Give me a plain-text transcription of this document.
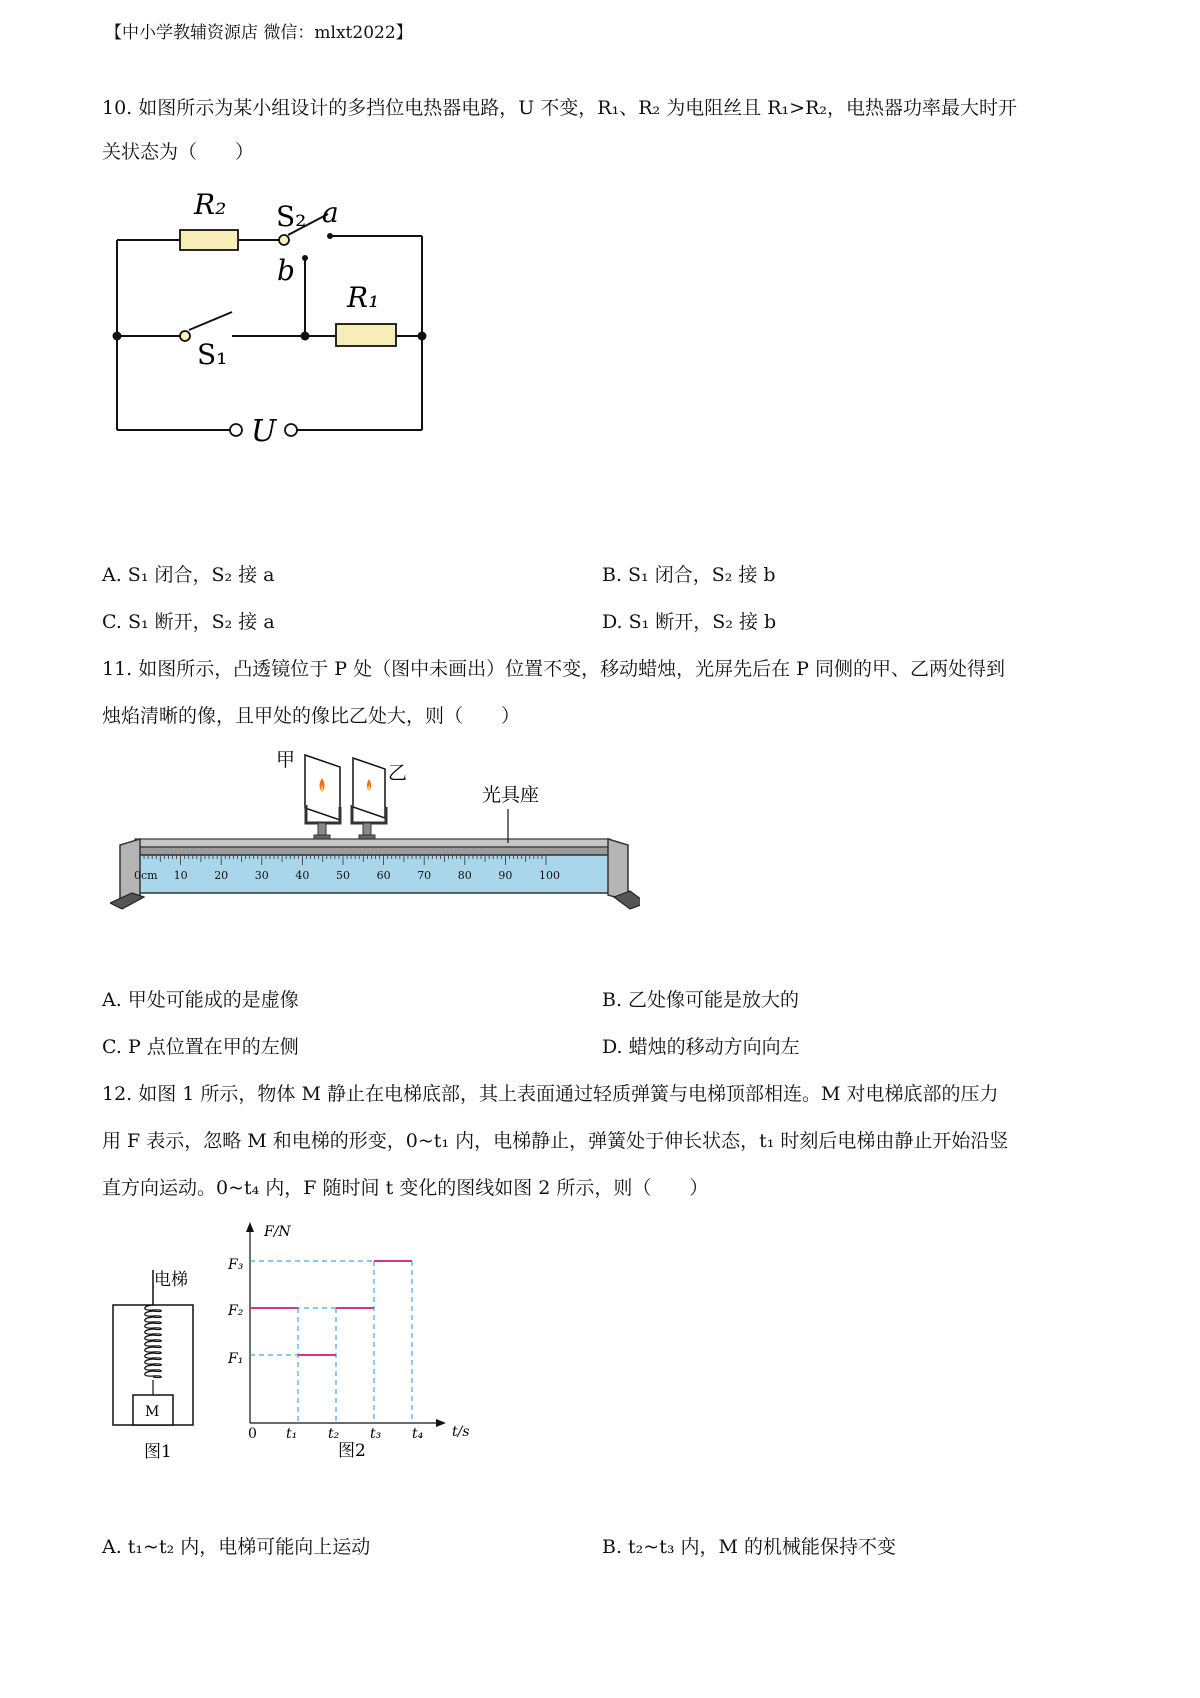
【中小学教辅资源店 微信：mlxt2022】
10. 如图所示为某小组设计的多挡位电热器电路，U 不变，R₁、R₂ 为电阻丝且 R₁>R₂，电热器功率最大时开
关状态为（　　）
R₂ S₂ a
b
R₁
S₁
U
A. S₁ 闭合，S₂ 接 a	B. S₁ 闭合，S₂ 接 b
C. S₁ 断开，S₂ 接 a	D. S₁ 断开，S₂ 接 b
11. 如图所示，凸透镜位于 P 处（图中未画出）位置不变，移动蜡烛，光屏先后在 P 同侧的甲、乙两处得到
烛焰清晰的像，且甲处的像比乙处大，则（　　）
甲
乙
光具座
0cm 10 20 30 40 50 60 70 80 90 100
A. 甲处可能成的是虚像	B. 乙处像可能是放大的
C. P 点位置在甲的左侧	D. 蜡烛的移动方向向左
12. 如图 1 所示，物体 M 静止在电梯底部，其上表面通过轻质弹簧与电梯顶部相连。M 对电梯底部的压力
用 F 表示，忽略 M 和电梯的形变，0~t₁ 内，电梯静止，弹簧处于伸长状态，t₁ 时刻后电梯由静止开始沿竖
直方向运动。0~t₄ 内，F 随时间 t 变化的图线如图 2 所示，则（　　）
M
电梯
图1
F/N
t/s
0
F₃
F₂
F₁
t₁ t₂ t₃ t₄
图2
A. t₁~t₂ 内，电梯可能向上运动	B. t₂~t₃ 内，M 的机械能保持不变
